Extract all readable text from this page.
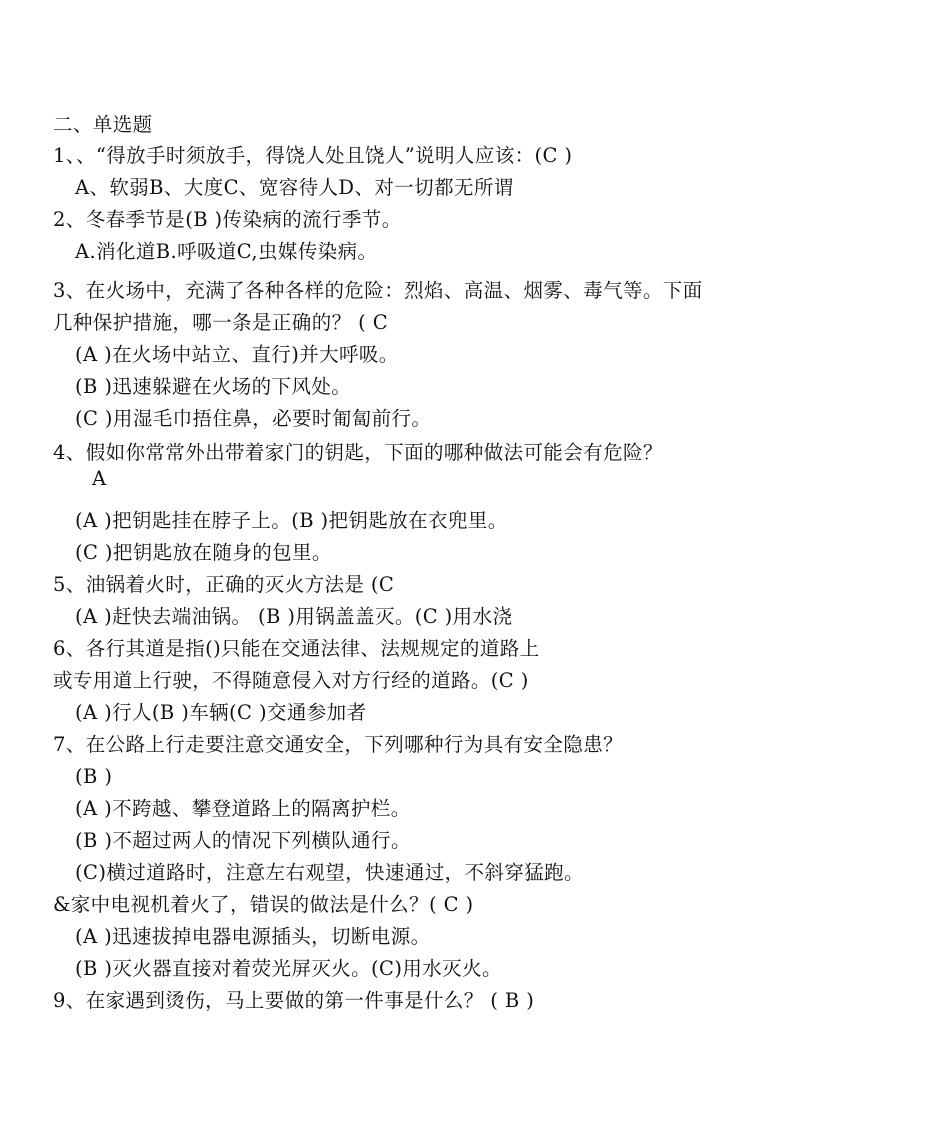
二、单选题
1、、“得放手时须放手，得饶人处且饶人”说明人应该：(C )
A、软弱B、大度C、宽容待人D、对一切都无所谓
2、冬春季节是(B )传染病的流行季节。
A.消化道B.呼吸道C,虫媒传染病。
3、在火场中，充满了各种各样的危险：烈焰、高温、烟雾、毒气等。下面
几种保护措施，哪一条是正确的？ ( C
(A )在火场中站立、直行)并大呼吸。
(B )迅速躲避在火场的下风处。
(C )用湿毛巾捂住鼻，必要时匍匐前行。
4、假如你常常外出带着家门的钥匙，下面的哪种做法可能会有危险？
A
(A )把钥匙挂在脖子上。(B )把钥匙放在衣兜里。
(C )把钥匙放在随身的包里。
5、油锅着火时，正确的灭火方法是 (C
(A )赶快去端油锅。 (B )用锅盖盖灭。(C )用水浇
6、各行其道是指()只能在交通法律、法规规定的道路上
或专用道上行驶，不得随意侵入对方行经的道路。(C )
(A )行人(B )车辆(C )交通参加者
7、在公路上行走要注意交通安全，下列哪种行为具有安全隐患？
(B )
(A )不跨越、攀登道路上的隔离护栏。
(B )不超过两人的情况下列横队通行。
(C)横过道路时，注意左右观望，快速通过，不斜穿猛跑。
&家中电视机着火了，错误的做法是什么？( C )
(A )迅速拔掉电器电源插头，切断电源。
(B )灭火器直接对着荧光屏灭火。(C)用水灭火。
9、在家遇到烫伤，马上要做的第一件事是什么？ ( B )
